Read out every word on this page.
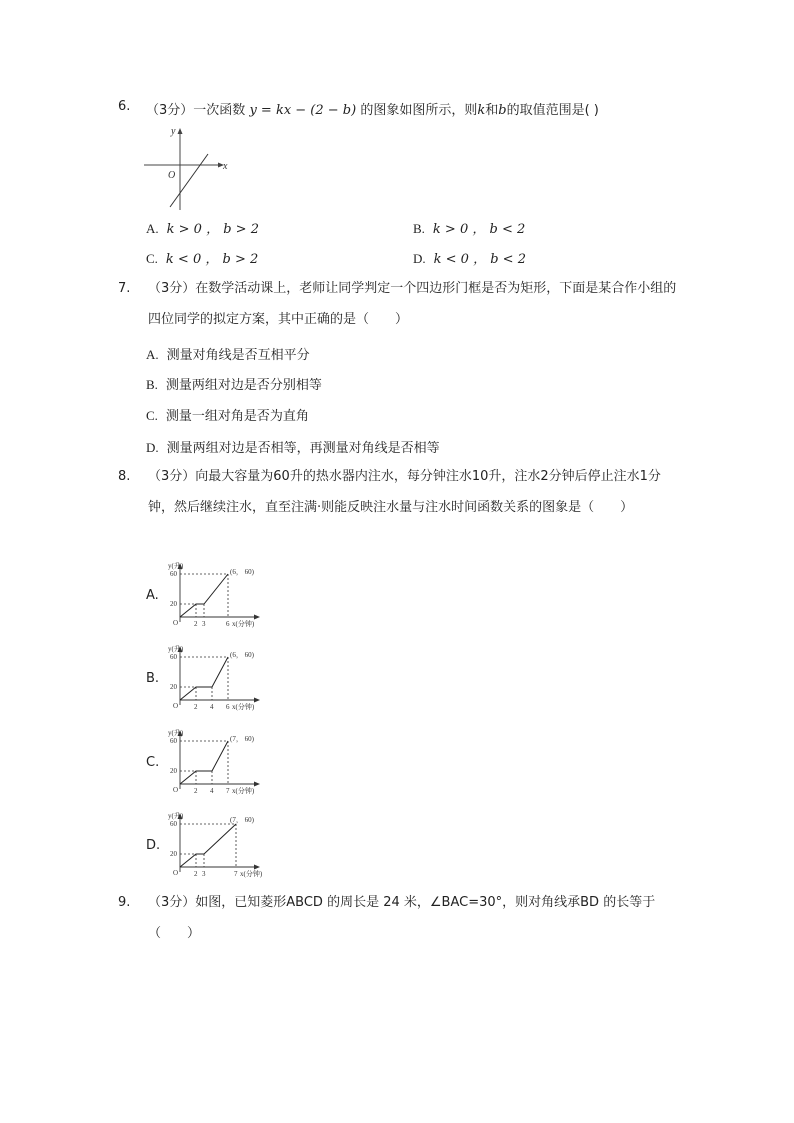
6. （3分）一次函数 y = kx − (2 − b) 的图象如图所示，则k和b的取值范围是( )
y
x
O
A. k > 0 ， b > 2	B. k > 0 ， b < 2
C. k < 0 ， b > 2	D. k < 0 ， b < 2
7. （3分）在数学活动课上，老师让同学判定一个四边形门框是否为矩形，下面是某合作小组的四位同学的拟定方案，其中正确的是（　　）
A. 测量对角线是否互相平分
B. 测量两组对边是否分别相等
C. 测量一组对角是否为直角
D. 测量两组对边是否相等，再测量对角线是否相等
8. （3分）向最大容量为60升的热水器内注水，每分钟注水10升，注水2分钟后停止注水1分钟，然后继续注水，直至注满·则能反映注水量与注水时间函数关系的图象是（　　）
A.
y(升)
60
20
O 2 3	6 x(分钟)
(6， 60)
B.
y(升)
60
20
O 2 4 6 x(分钟)
(6， 60)
C.
y(升)
60
20
O 2 4 7 x(分钟)
(7， 60)
D.
y(升)
60
20
O 2 3	7 x(分钟)
(7， 60)
9. （3分）如图，已知菱形ABCD 的周长是 24 米，∠BAC=30°，则对角线承BD 的长等于（　　）
